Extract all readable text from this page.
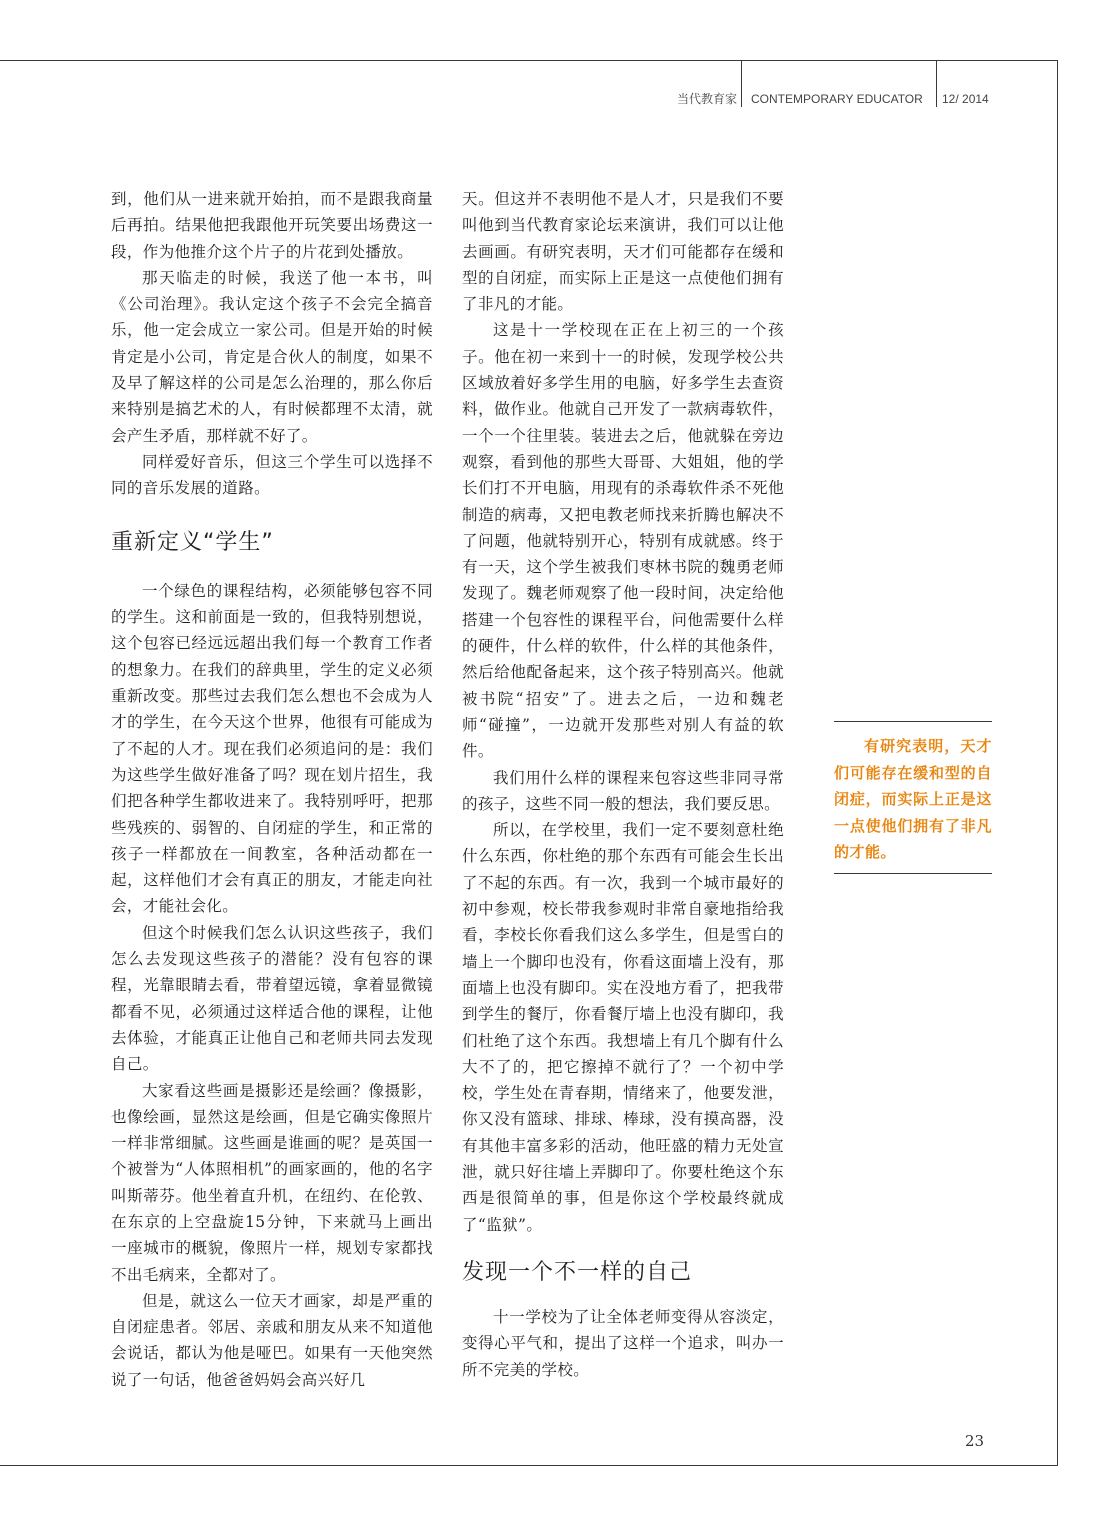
当代教育家 CONTEMPORARY EDUCATOR 12/ 2014

到，他们从一进来就开始拍，而不是跟我商量后再拍。结果他把我跟他开玩笑要出场费这一段，作为他推介这个片子的片花到处播放。

那天临走的时候，我送了他一本书，叫《公司治理》。我认定这个孩子不会完全搞音乐，他一定会成立一家公司。但是开始的时候肯定是小公司，肯定是合伙人的制度，如果不及早了解这样的公司是怎么治理的，那么你后来特别是搞艺术的人，有时候都理不太清，就会产生矛盾，那样就不好了。

同样爱好音乐，但这三个学生可以选择不同的音乐发展的道路。

重新定义“学生”

一个绿色的课程结构，必须能够包容不同的学生。这和前面是一致的，但我特别想说，这个包容已经远远超出我们每一个教育工作者的想象力。在我们的辞典里，学生的定义必须重新改变。那些过去我们怎么想也不会成为人才的学生，在今天这个世界，他很有可能成为了不起的人才。现在我们必须追问的是：我们为这些学生做好准备了吗？现在划片招生，我们把各种学生都收进来了。我特别呼吁，把那些残疾的、弱智的、自闭症的学生，和正常的孩子一样都放在一间教室，各种活动都在一起，这样他们才会有真正的朋友，才能走向社会，才能社会化。

但这个时候我们怎么认识这些孩子，我们怎么去发现这些孩子的潜能？没有包容的课程，光靠眼睛去看，带着望远镜，拿着显微镜都看不见，必须通过这样适合他的课程，让他去体验，才能真正让他自己和老师共同去发现自己。

大家看这些画是摄影还是绘画？像摄影，也像绘画，显然这是绘画，但是它确实像照片一样非常细腻。这些画是谁画的呢？是英国一个被誉为“人体照相机”的画家画的，他的名字叫斯蒂芬。他坐着直升机，在纽约、在伦敦、在东京的上空盘旋15分钟，下来就马上画出一座城市的概貌，像照片一样，规划专家都找不出毛病来，全都对了。

但是，就这么一位天才画家，却是严重的自闭症患者。邻居、亲戚和朋友从来不知道他会说话，都认为他是哑巴。如果有一天他突然说了一句话，他爸爸妈妈会高兴好几

天。但这并不表明他不是人才，只是我们不要叫他到当代教育家论坛来演讲，我们可以让他去画画。有研究表明，天才们可能都存在缓和型的自闭症，而实际上正是这一点使他们拥有了非凡的才能。

这是十一学校现在正在上初三的一个孩子。他在初一来到十一的时候，发现学校公共区域放着好多学生用的电脑，好多学生去查资料，做作业。他就自己开发了一款病毒软件，一个一个往里装。装进去之后，他就躲在旁边观察，看到他的那些大哥哥、大姐姐，他的学长们打不开电脑，用现有的杀毒软件杀不死他制造的病毒，又把电教老师找来折腾也解决不了问题，他就特别开心，特别有成就感。终于有一天，这个学生被我们枣林书院的魏勇老师发现了。魏老师观察了他一段时间，决定给他搭建一个包容性的课程平台，问他需要什么样的硬件，什么样的软件，什么样的其他条件，然后给他配备起来，这个孩子特别高兴。他就被书院“招安”了。进去之后，一边和魏老师“碰撞”，一边就开发那些对别人有益的软件。

我们用什么样的课程来包容这些非同寻常的孩子，这些不同一般的想法，我们要反思。

所以，在学校里，我们一定不要刻意杜绝什么东西，你杜绝的那个东西有可能会生长出了不起的东西。有一次，我到一个城市最好的初中参观，校长带我参观时非常自豪地指给我看，李校长你看我们这么多学生，但是雪白的墙上一个脚印也没有，你看这面墙上没有，那面墙上也没有脚印。实在没地方看了，把我带到学生的餐厅，你看餐厅墙上也没有脚印，我们杜绝了这个东西。我想墙上有几个脚有什么大不了的，把它擦掉不就行了？一个初中学校，学生处在青春期，情绪来了，他要发泄，你又没有篮球、排球、棒球，没有摸高器，没有其他丰富多彩的活动，他旺盛的精力无处宣泄，就只好往墙上弄脚印了。你要杜绝这个东西是很简单的事，但是你这个学校最终就成了“监狱”。

发现一个不一样的自己

十一学校为了让全体老师变得从容淡定，变得心平气和，提出了这样一个追求，叫办一所不完美的学校。

有研究表明，天才们可能存在缓和型的自闭症，而实际上正是这一点使他们拥有了非凡的才能。
23
